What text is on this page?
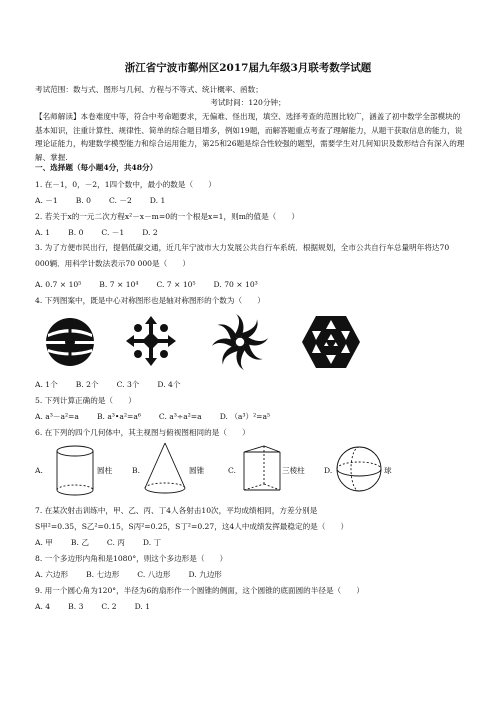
浙江省宁波市鄞州区2017届九年级3月联考数学试题
考试范围：数与式、图形与几何、方程与不等式、统计概率、函数；
考试时间：120分钟；
【名师解读】本卷难度中等，符合中考命题要求，无偏难、怪出现，填空、选择考查的范围比较广，涵盖了初中数学全部模块的基本知识，注重计算性、规律性、简单的综合题目增多，例如19题，而解答题重点考查了理解能力，从题干获取信息的能力，说理论证能力，构建数学模型能力和综合运用能力，第25和26题是综合性较强的题型，需要学生对几何知识及数形结合有深入的理解、掌握.
一、选择题（每小题4分，共48分）
1. 在－1，0，－2，1四个数中，最小的数是（　　）
A. －1 B. 0 C. －2 D. 1
2. 若关于x的一元二次方程x²－x－m=0的一个根是x=1，则m的值是（　　）
A. 1 B. 0 C. －1 D. 2
3. 为了方便市民出行，提倡低碳交通，近几年宁波市大力发展公共自行车系统．根据规划，全市公共自行车总量明年将达70 000辆．用科学计数法表示70 000是（　　）
A. 0.7 × 10⁵ B. 7 × 10⁴ C. 7 × 10⁵ D. 70 × 10³
4. 下列图案中，既是中心对称图形也是轴对称图形的个数为（　　）
A. 1个 B. 2个 C. 3个 D. 4个
5. 下列计算正确的是（　　）
A. a³－a²=a B. a³•a²=a⁶ C. a³÷a²=a D. （a³）²=a⁵
6. 在下列的四个几何体中，其主视图与俯视图相同的是（　　）
A.	圆柱	B.	圆锥	C.	三棱柱	D.	球
7. 在某次射击训练中，甲、乙、丙、丁4人各射击10次，平均成绩相同，方差分别是
S甲²=0.35，S乙²=0.15，S丙²=0.25，S丁²=0.27，这4人中成绩发挥最稳定的是（　　）
A. 甲 B. 乙 C. 丙 D. 丁
8. 一个多边形内角和是1080°，则这个多边形是（　　）
A. 六边形 B. 七边形 C. 八边形 D. 九边形
9. 用一个圆心角为120°，半径为6的扇形作一个圆锥的侧面，这个圆锥的底面圆的半径是（　　）
A. 4 B. 3 C. 2 D. 1
